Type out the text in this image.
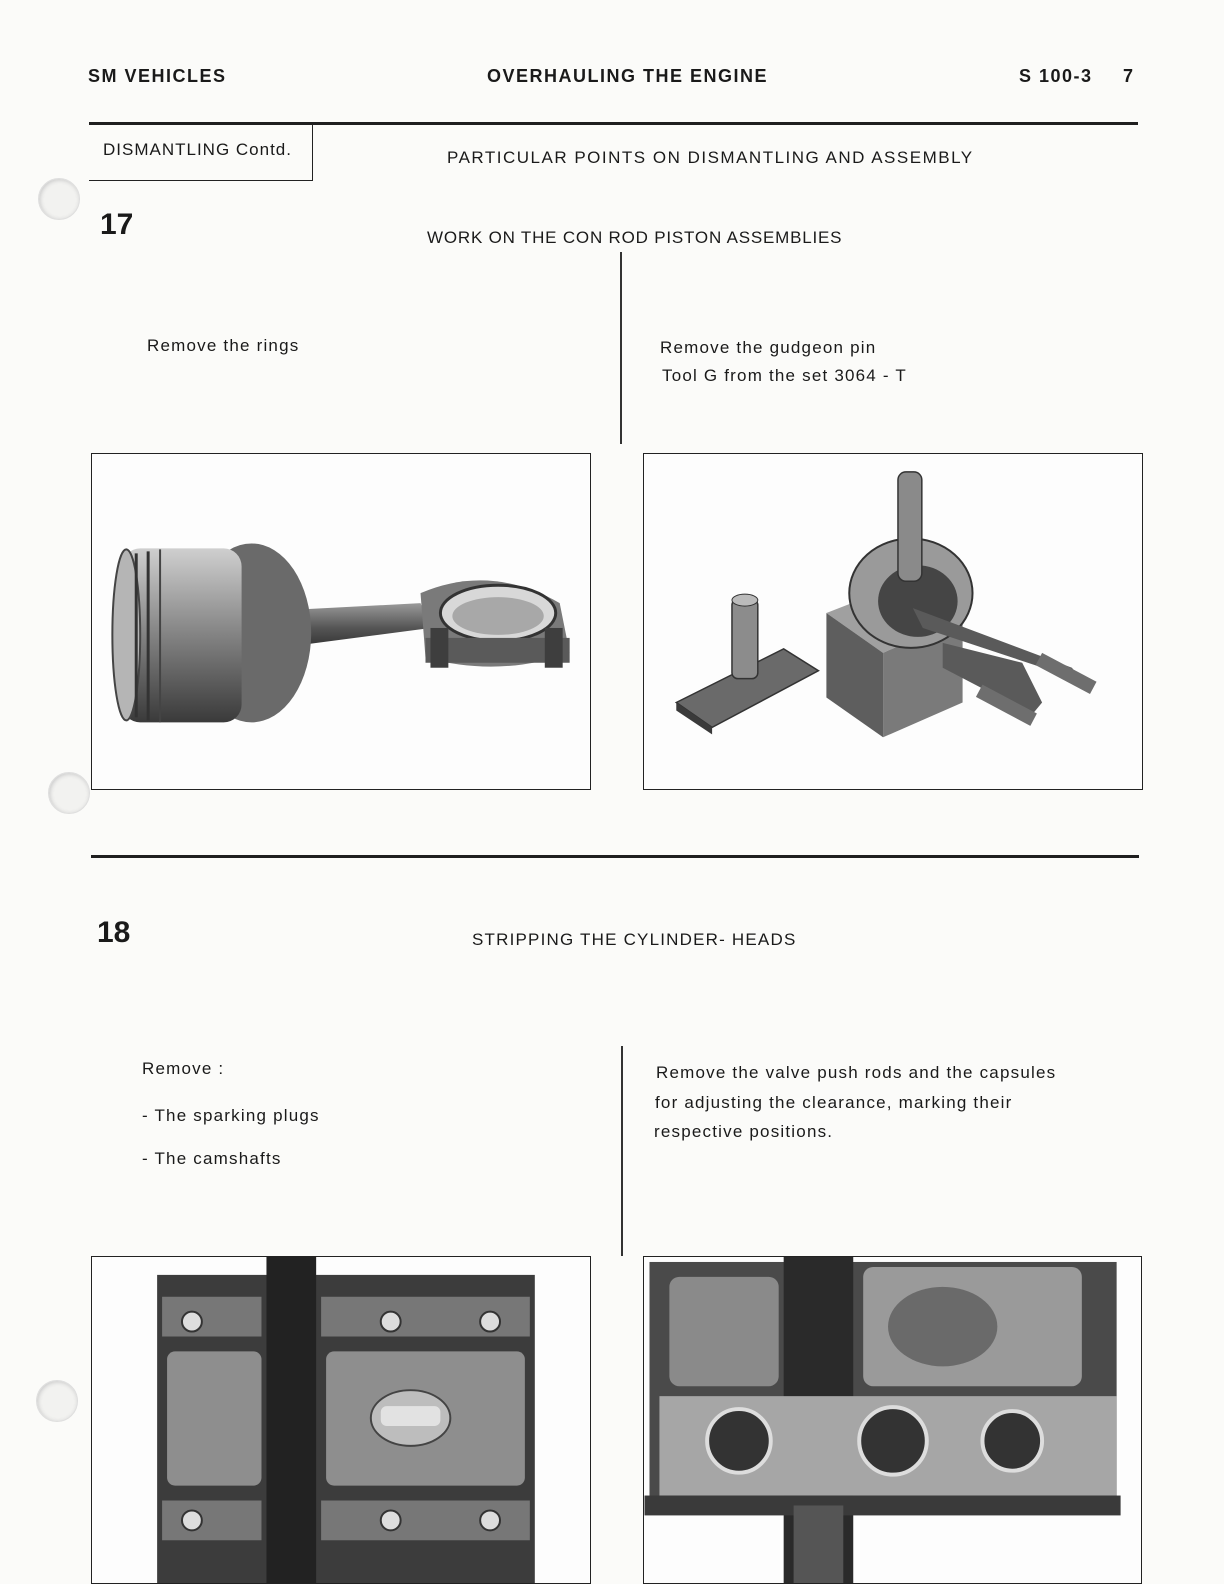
SM VEHICLES	OVERHAULING THE ENGINE	S 100-3 7
DISMANTLING Contd.	PARTICULAR POINTS ON DISMANTLING AND ASSEMBLY
17	WORK ON THE CON ROD PISTON ASSEMBLIES
Remove the rings	Remove the gudgeon pin
Tool G from the set 3064 - T
18	STRIPPING THE CYLINDER- HEADS
Remove :
- The sparking plugs
- The camshafts
Remove the valve push rods and the capsules
for adjusting the clearance, marking their
respective positions.
